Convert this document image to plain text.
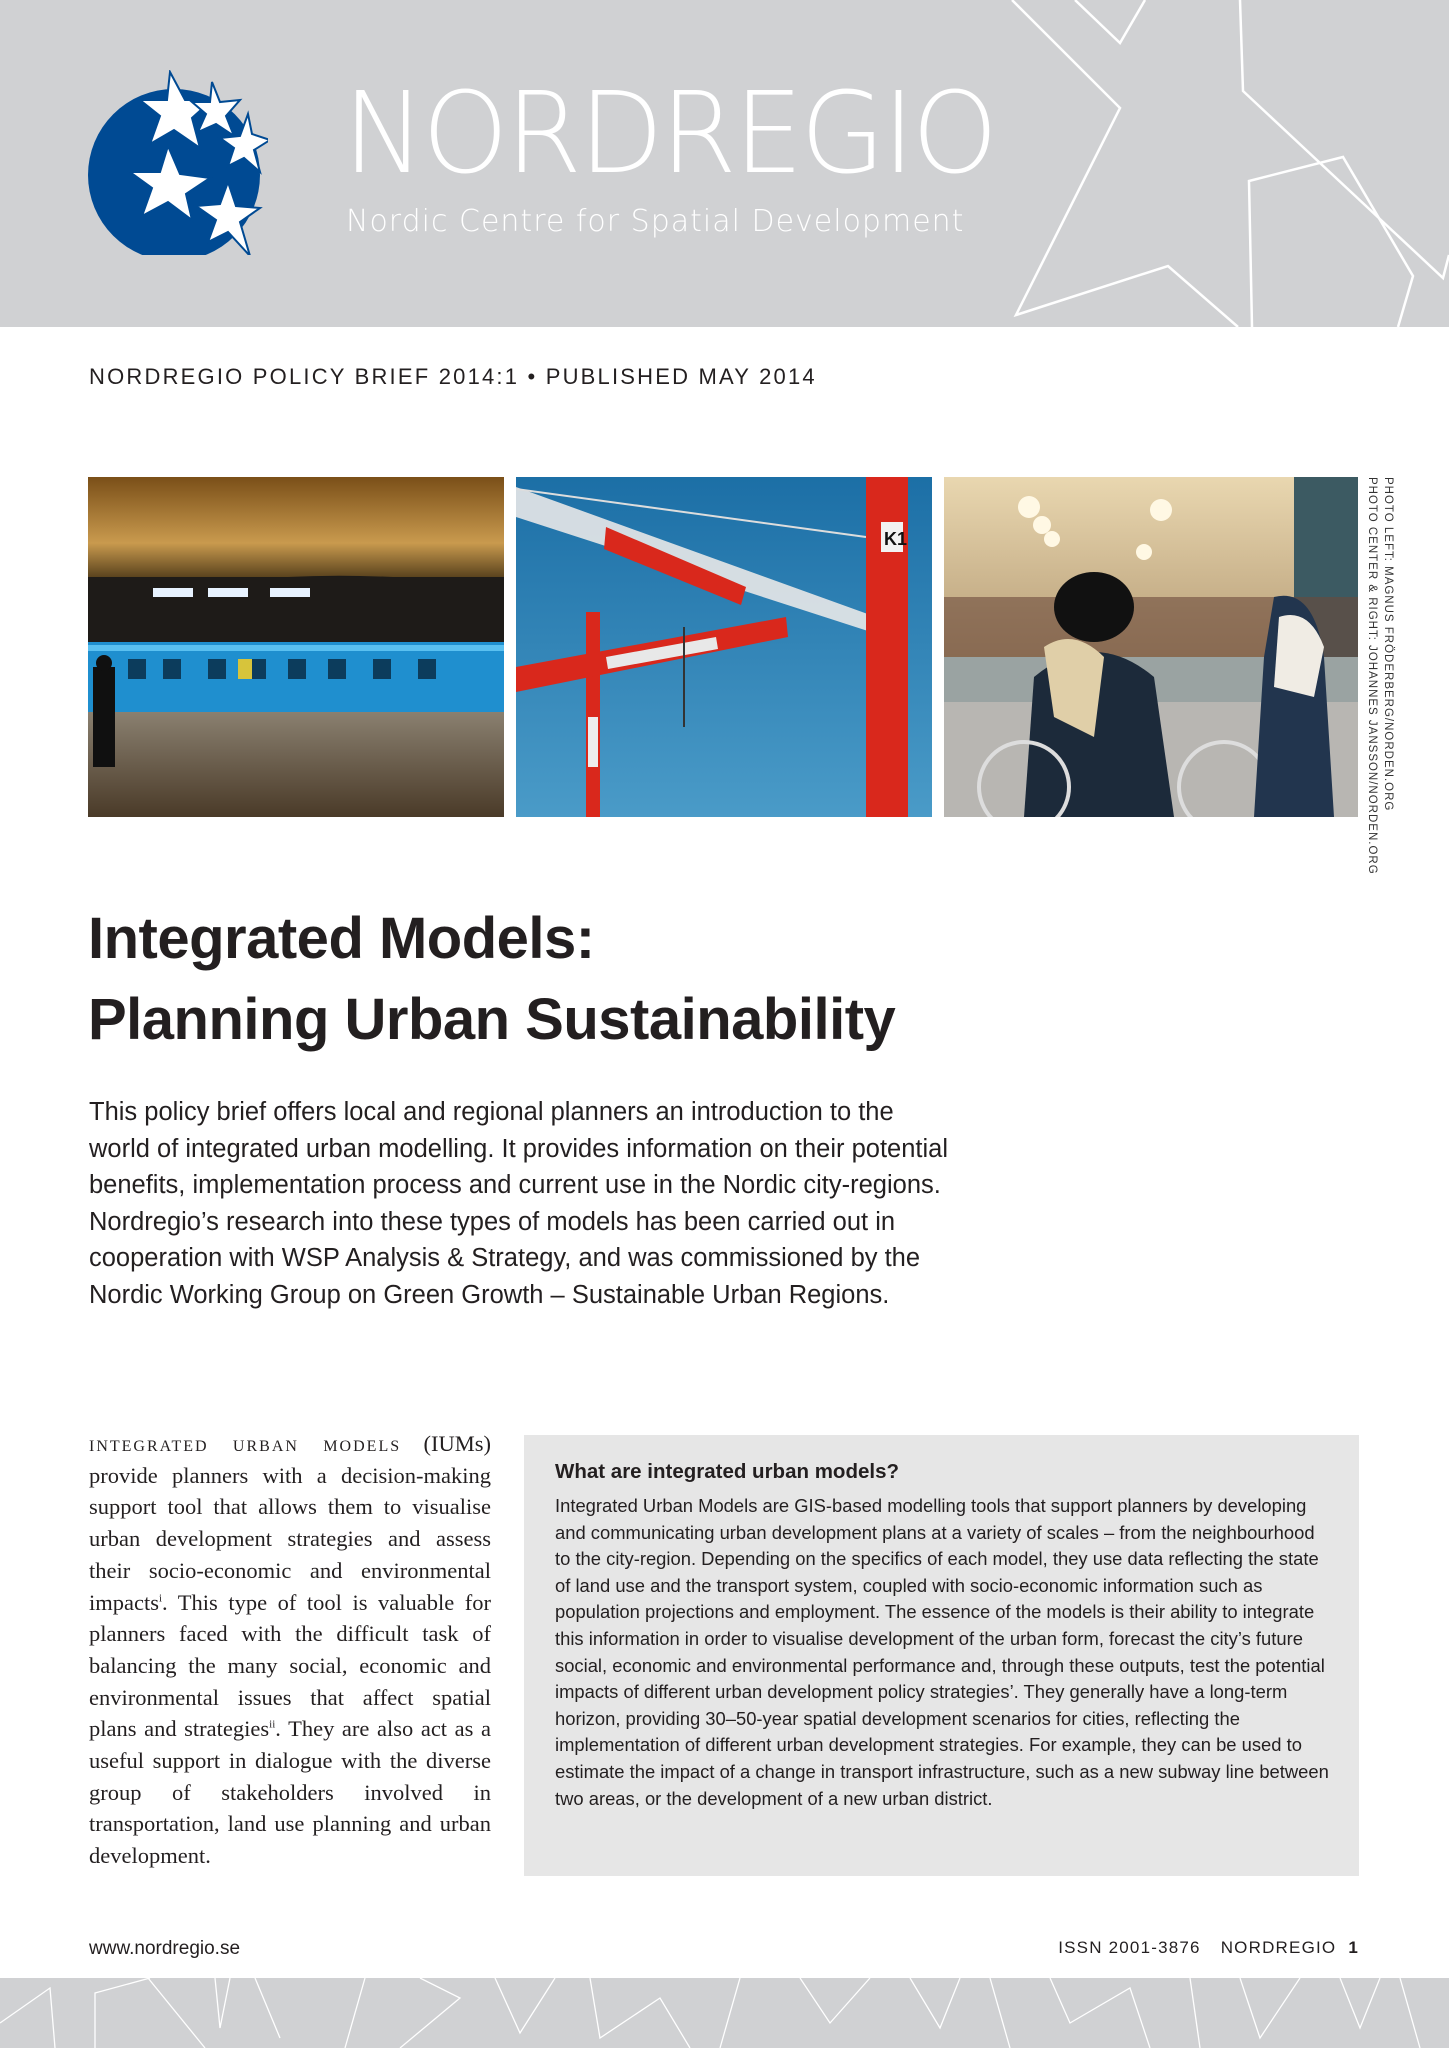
NORDREGIO
Nordic Centre for Spatial Development
NORDREGIO POLICY BRIEF 2014:1 • PUBLISHED MAY 2014
K1	PHOTO LEFT: MAGNUS FRÖDERBERG/NORDEN.ORG
PHOTO CENTER & RIGHT: JOHANNES JANSSON/NORDEN.ORG
Integrated Models:
Planning Urban Sustainability

This policy brief offers local and regional planners an introduction to the world of integrated urban modelling. It provides information on their potential benefits, implementation process and current use in the Nordic city-regions. Nordregio’s research into these types of models has been carried out in cooperation with WSP Analysis & Strategy, and was commissioned by the Nordic Working Group on Green Growth – Sustainable Urban Regions.

integrated urban models (IUMs) provide planners with a decision-making support tool that allows them to visualise urban development strategies and assess their socio-economic and environmental impacts$^i$. This type of tool is valuable for planners faced with the difficult task of balancing the many social, economic and environmental issues that affect spatial plans and strategies$^{ii}$. They are also act as a useful support in dialogue with the diverse group of stakeholders involved in transportation, land use planning and urban development.

What are integrated urban models?
Integrated Urban Models are GIS-based modelling tools that support planners by developing and communicating urban development plans at a variety of scales – from the neighbourhood to the city-region. Depending on the specifics of each model, they use data reflecting the state of land use and the transport system, coupled with socio-economic information such as population projections and employment. The essence of the models is their ability to integrate this information in order to visualise development of the urban form, forecast the city’s future social, economic and environmental performance and, through these outputs, test the potential impacts of different urban development policy strategies’. They generally have a long-term horizon, providing 30–50-year spatial development scenarios for cities, reflecting the implementation of different urban development strategies. For example, they can be used to estimate the impact of a change in transport infrastructure, such as a new subway line between two areas, or the development of a new urban district.
www.nordregio.se	ISSN 2001-3876 NORDREGIO 1
